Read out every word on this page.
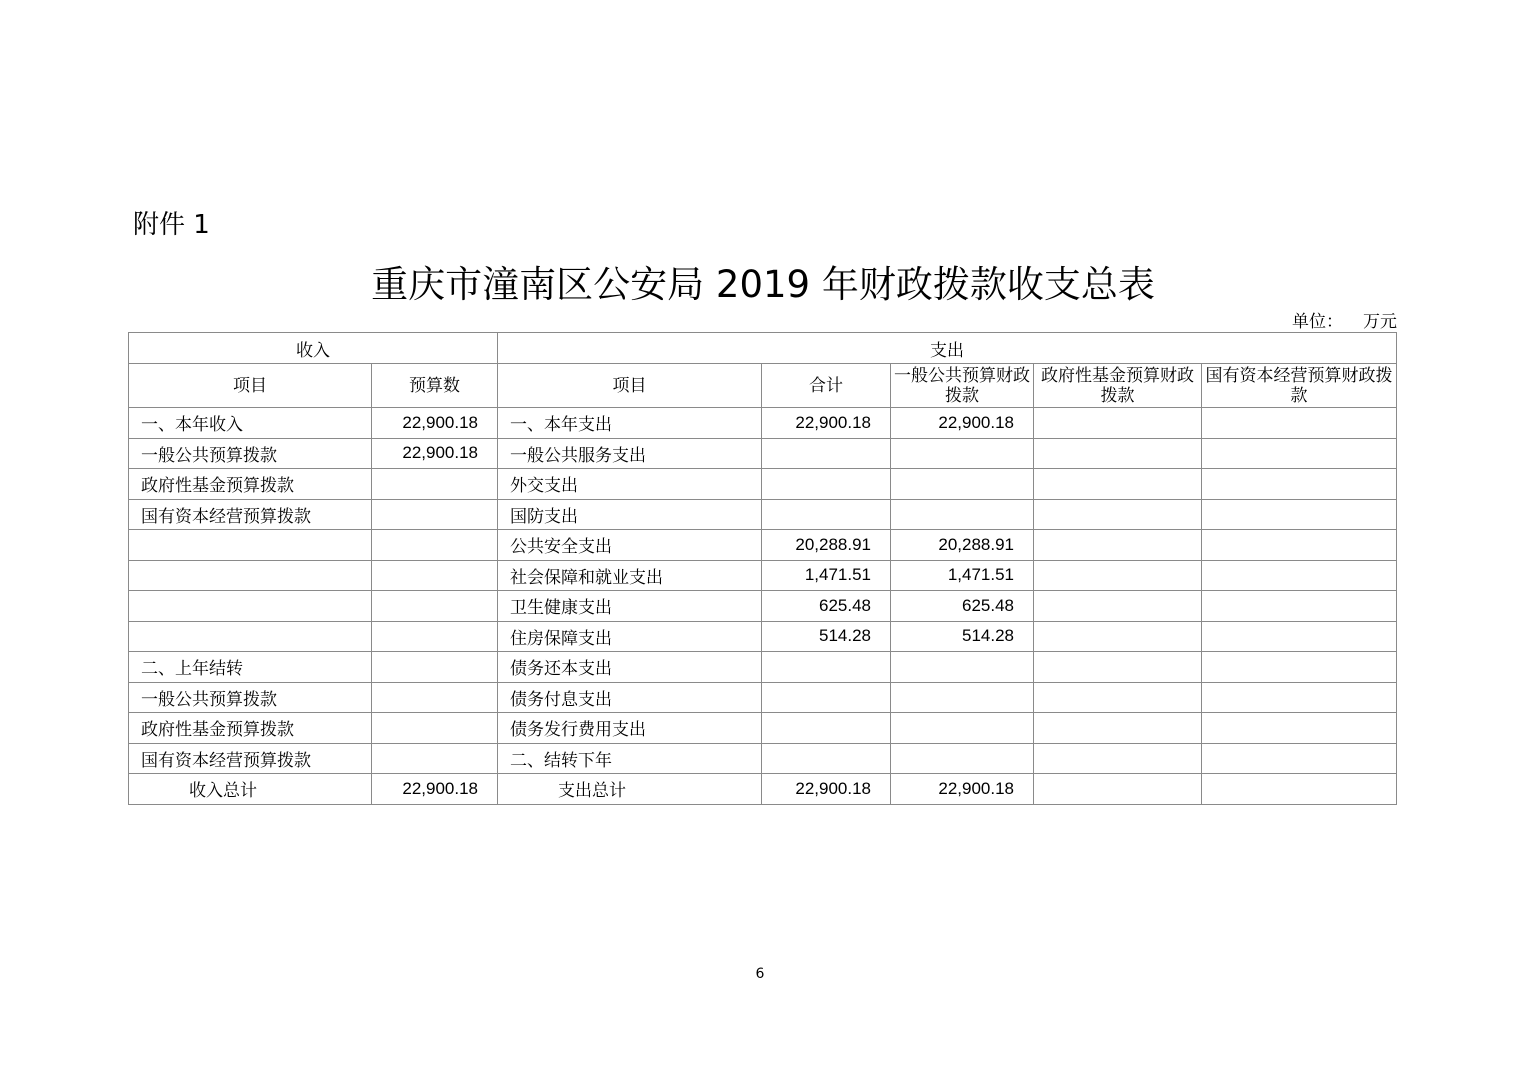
附件 1
重庆市潼南区公安局 2019 年财政拨款收支总表
单位： 万元
收入		支出				
项目	预算数	项目	合计	一般公共预算财政拨款	政府性基金预算财政拨款	国有资本经营预算财政拨款
一、本年收入	22,900.18	一、本年支出	22,900.18	22,900.18		
一般公共预算拨款	22,900.18	一般公共服务支出				
政府性基金预算拨款		外交支出				
国有资本经营预算拨款		国防支出				
		公共安全支出	20,288.91	20,288.91		
		社会保障和就业支出	1,471.51	1,471.51		
		卫生健康支出	625.48	625.48		
		住房保障支出	514.28	514.28		
二、上年结转		债务还本支出				
一般公共预算拨款		债务付息支出				
政府性基金预算拨款		债务发行费用支出				
国有资本经营预算拨款		二、结转下年				
收入总计	22,900.18	支出总计	22,900.18	22,900.18		
6
